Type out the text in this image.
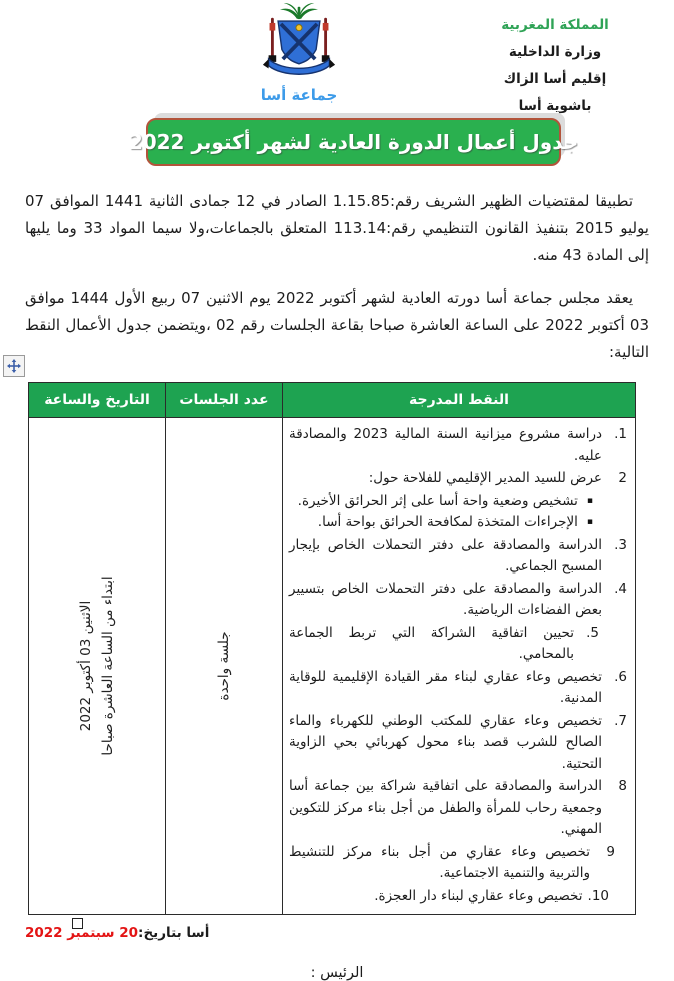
جماعة أسا
المملكة المغربية
وزارة الداخلية
إقليم أسا الزاك
باشوية أسا
جدول أعمال الدورة العادية لشهر أكتوبر 2022

تطبيقا لمقتضيات الظهير الشريف رقم:1.15.85 الصادر في 12 جمادى الثانية 1441 الموافق 07 يوليو 2015 بتنفيذ القانون التنظيمي رقم:113.14 المتعلق بالجماعات،ولا سيما المواد 33 وما يليها إلى المادة 43 منه.

يعقد مجلس جماعة أسا دورته العادية لشهر أكتوبر 2022 يوم الاثنين 07 ربيع الأول 1444 موافق 03 أكتوبر 2022 على الساعة العاشرة صباحا بقاعة الجلسات رقم 02 ،ويتضمن جدول الأعمال النقط التالية:

النقط المدرجة	عدد الجلسات	التاريخ والساعة

1.
دراسة مشروع ميزانية السنة المالية 2023 والمصادقة عليه.
2
عرض للسيد المدير الإقليمي للفلاحة حول:
▪
تشخيص وضعية واحة أسا على إثر الحرائق الأخيرة.
▪
الإجراءات المتخذة لمكافحة الحرائق بواحة أسا.
3.
الدراسة والمصادقة على دفتر التحملات الخاص بإيجار المسبح الجماعي.
4.
الدراسة والمصادقة على دفتر التحملات الخاص بتسيير بعض الفضاءات الرياضية.
5.
تحيين اتفاقية الشراكة التي تربط الجماعة بالمحامي.
6.
تخصيص وعاء عقاري لبناء مقر القيادة الإقليمية للوقاية المدنية.
7.
تخصيص وعاء عقاري للمكتب الوطني للكهرباء والماء الصالح للشرب قصد بناء محول كهربائي بحي الزاوية التحتية.
8
الدراسة والمصادقة على اتفاقية شراكة بين جماعة أسا وجمعية رحاب للمرأة والطفل من أجل بناء مركز للتكوين المهني.
9
تخصيص وعاء عقاري من أجل بناء مركز للتنشيط والتربية والتنمية الاجتماعية.
10.
تخصيص وعاء عقاري لبناء دار العجزة.

جلسة واحدة

الاثنين 03 أكتوبر 2022 ابتداء من الساعة العاشرة صباحا
أسا بتاريخ:20 سبتمبر 2022
الرئيس :
